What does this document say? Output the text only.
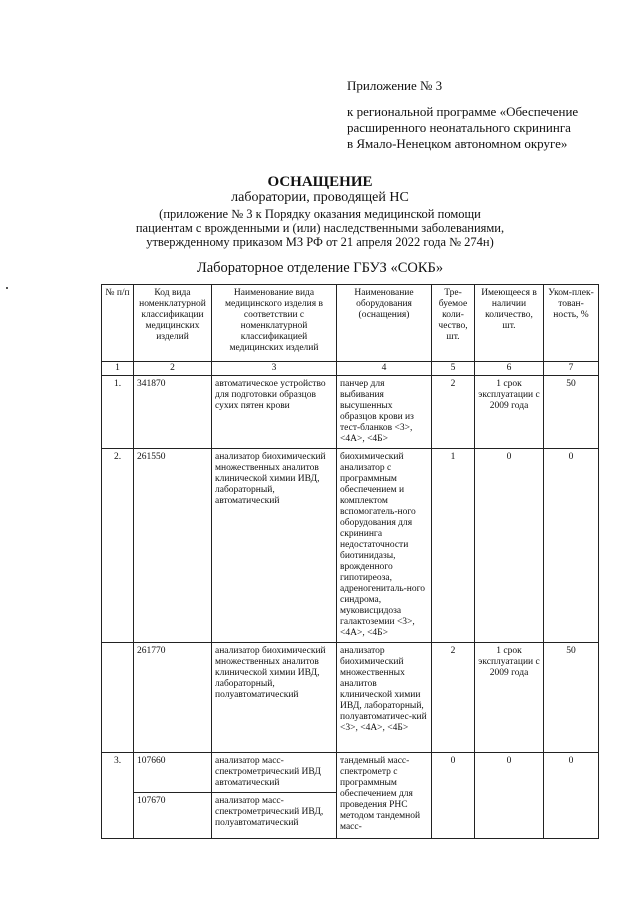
Приложение № 3
к региональной программе «Обеспечение
расширенного неонатального скрининга
в Ямало-Ненецком автономном округе»
ОСНАЩЕНИЕ
лаборатории, проводящей НС
(приложение № 3 к Порядку оказания медицинской помощи
пациентам с врожденными и (или) наследственными заболеваниями,
утвержденному приказом МЗ РФ от 21 апреля 2022 года № 274н)
Лабораторное отделение ГБУЗ «СОКБ»
№ п/п	Код вида номенклатурной классификации медицинских изделий	Наименование вида медицинского изделия в соответствии с номенклатурной классификацией медицинских изделий	Наименование оборудования (оснащения)	Тре-буемое коли-чество, шт.	Имеющееся в наличии количество, шт.	Уком-плек-тован-ность, %
1	2	3	4	5	6	7
1.	341870	автоматическое устройство для подготовки образцов сухих пятен крови	панчер для выбивания высушенных образцов крови из тест-бланков <3>, <4А>, <4Б>	2	1 срок эксплуатации с 2009 года	50
2.	261550	анализатор биохимический множественных аналитов клинической химии ИВД, лабораторный, автоматический	биохимический анализатор с программным обеспечением и комплектом вспомогатель-ного оборудования для скрининга недостаточности биотинидазы, врожденного гипотиреоза, адреногениталь-ного синдрома, муковисцидоза галактоземии <3>, <4А>, <4Б>	1	0	0
	261770	анализатор биохимический множественных аналитов клинической химии ИВД, лабораторный, полуавтоматический	анализатор биохимический множественных аналитов клинической химии ИВД, лабораторный, полуавтоматичес-кий <3>, <4А>, <4Б>	2	1 срок эксплуатации с 2009 года	50
3.	107660	анализатор масс-спектрометрический ИВД автоматический	тандемный масс-спектрометр с программным обеспечением для проведения РНС методом тандемной масс-	0	0	0
	107670	анализатор масс-спектрометрический ИВД, полуавтоматический				
